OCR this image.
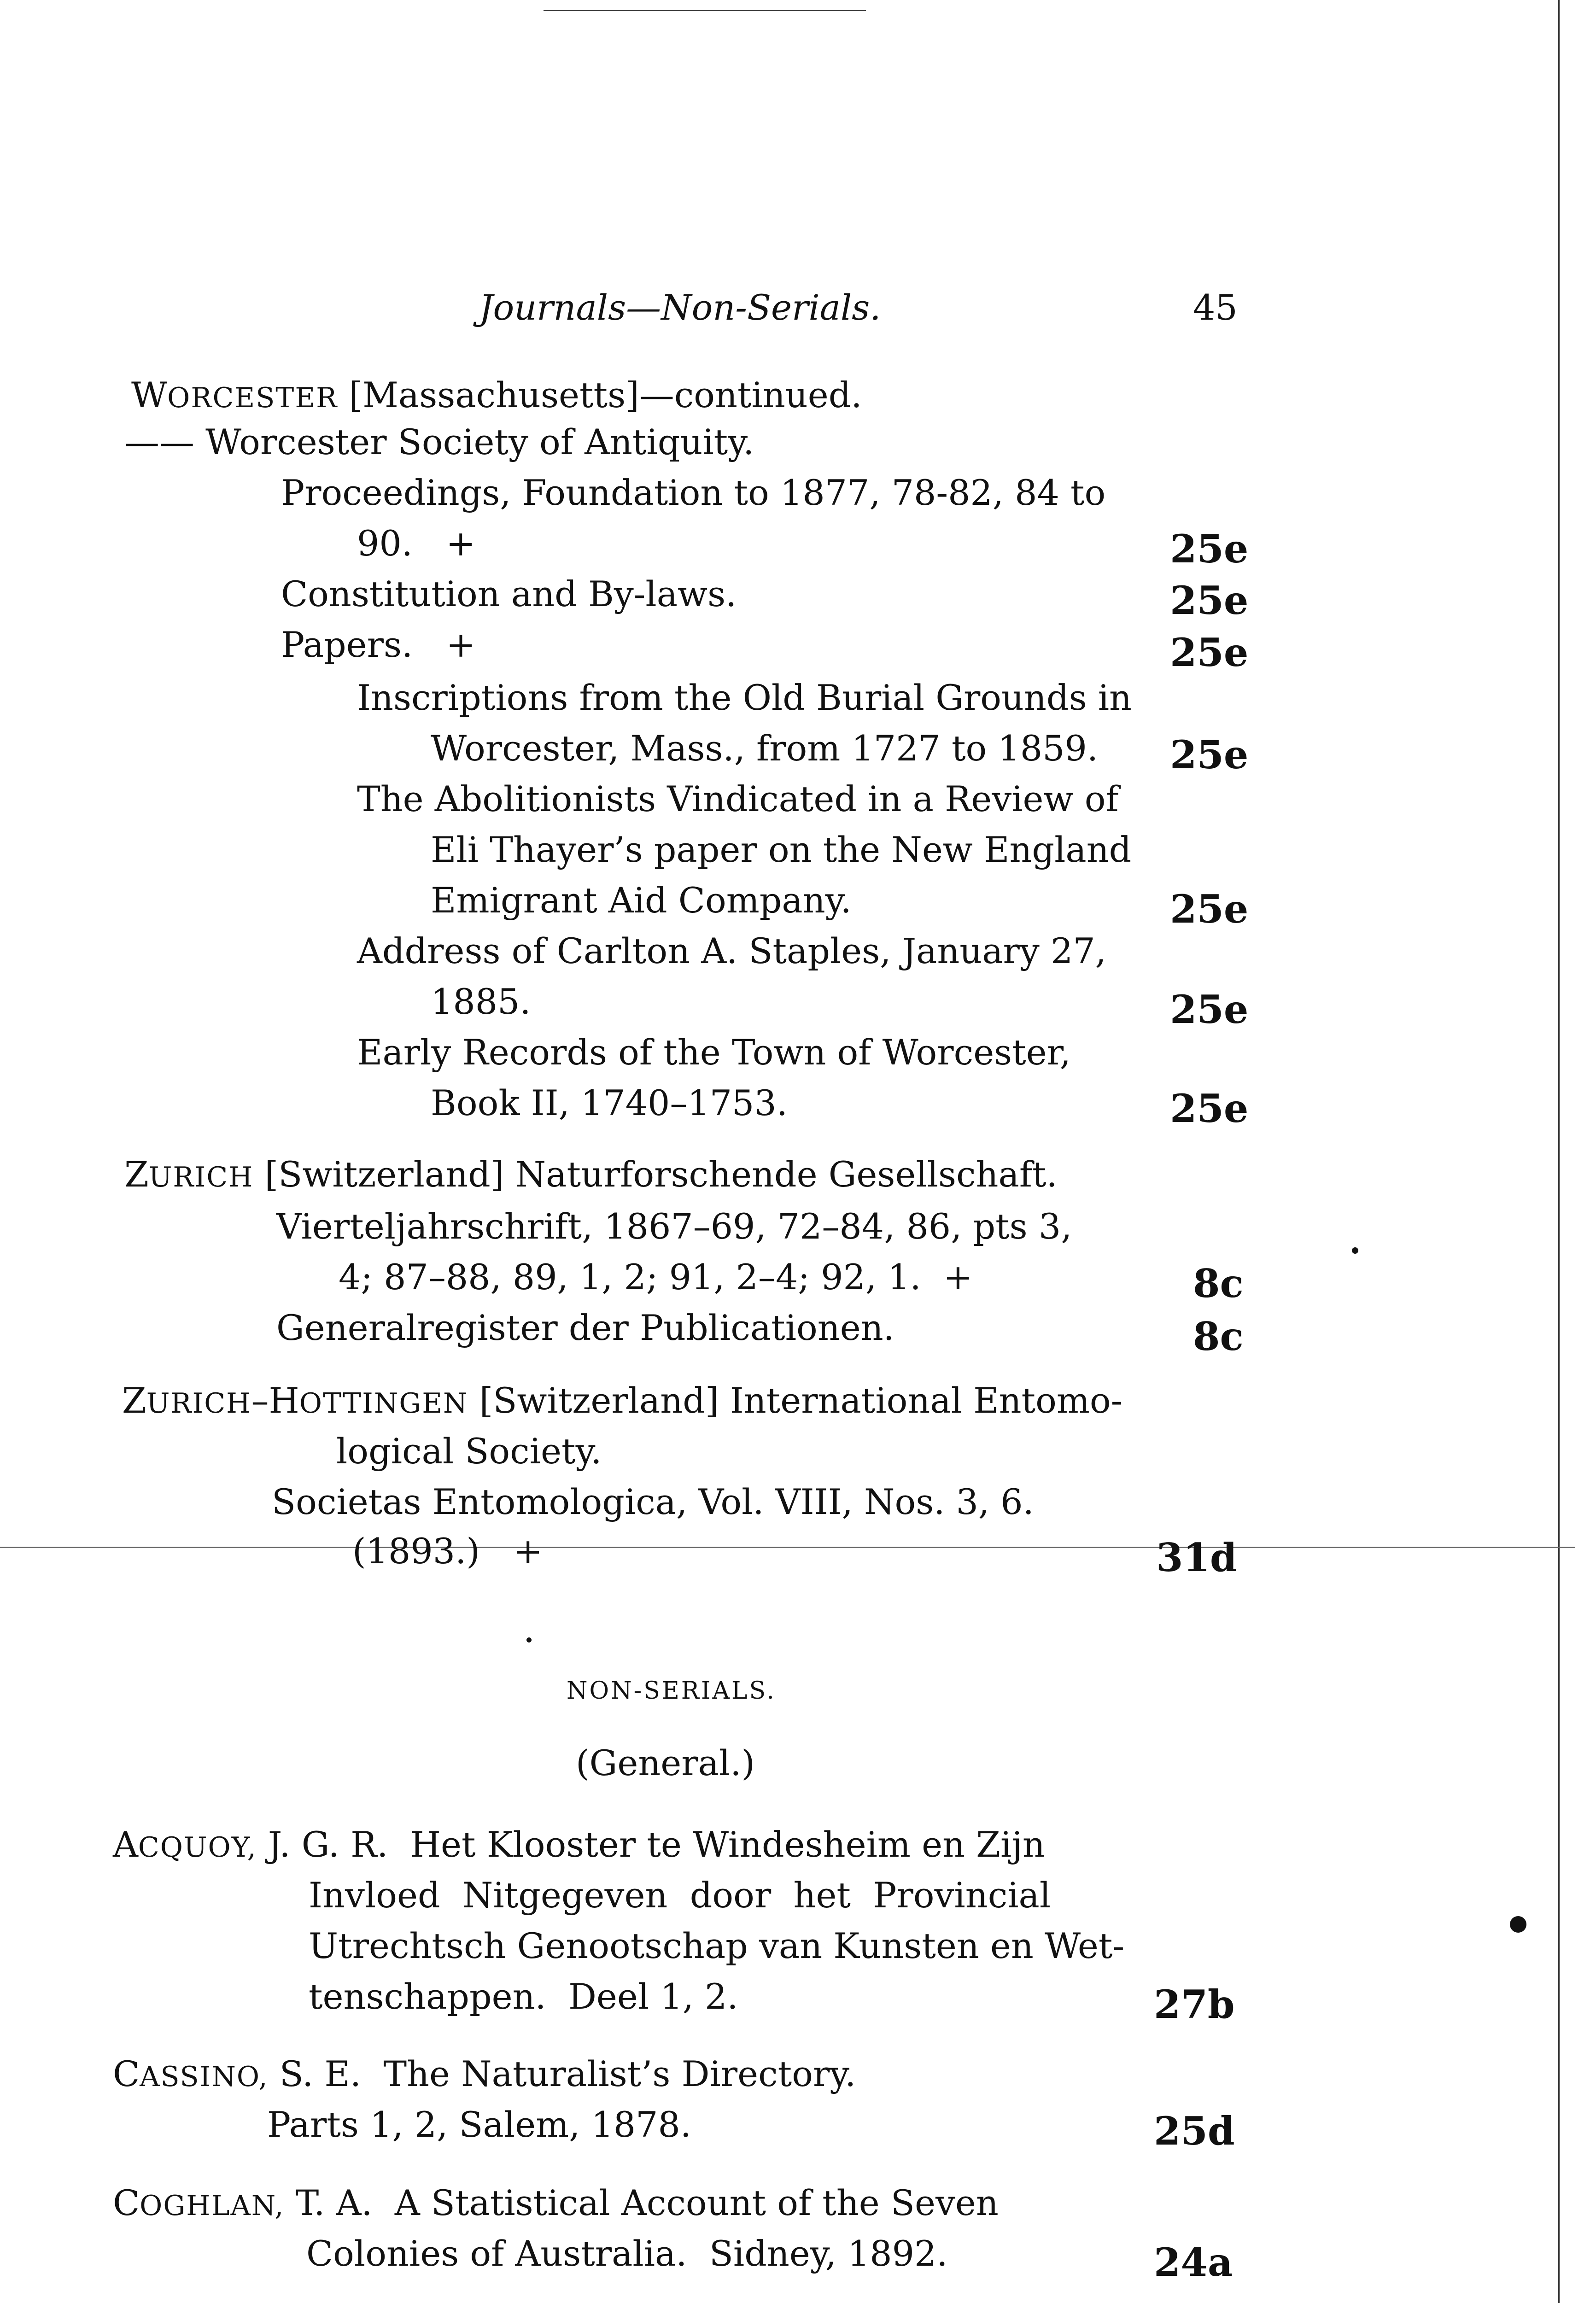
Journals—Non-Serials.	45
WORCESTER [Massachusetts]—continued.
—— Worcester Society of Antiquity.
Proceedings, Foundation to 1877, 78-82, 84 to
90.   +	25e
Constitution and By-laws.	25e
Papers.   +	25e
Inscriptions from the Old Burial Grounds in
Worcester, Mass., from 1727 to 1859. 25e
The Abolitionists Vindicated in a Review of
Eli Thayer’s paper on the New England
Emigrant Aid Company.	25e
Address of Carlton A. Staples, January 27,
1885.	25e
Early Records of the Town of Worcester,
Book II, 1740–1753.	25e
ZURICH [Switzerland] Naturforschende Gesellschaft.
Vierteljahrschrift, 1867–69, 72–84, 86, pts 3,
4; 87–88, 89, 1, 2; 91, 2–4; 92, 1.  +	8c
Generalregister der Publicationen.	8c
ZURICH–HOTTINGEN [Switzerland] International Entomo-
logical Society.
Societas Entomologica, Vol. VIII, Nos. 3, 6.
(1893.)   +	31d
NON-SERIALS.
(General.)
ACQUOY, J. G. R.  Het Klooster te Windesheim en Zijn
Invloed  Nitgegeven  door  het  Provincial
Utrechtsch Genootschap van Kunsten en Wet-
tenschappen.  Deel 1, 2.	27b
CASSINO, S. E.  The Naturalist’s Directory.
Parts 1, 2, Salem, 1878.	25d
COGHLAN, T. A.  A Statistical Account of the Seven
Colonies of Australia.  Sidney, 1892.	24a
